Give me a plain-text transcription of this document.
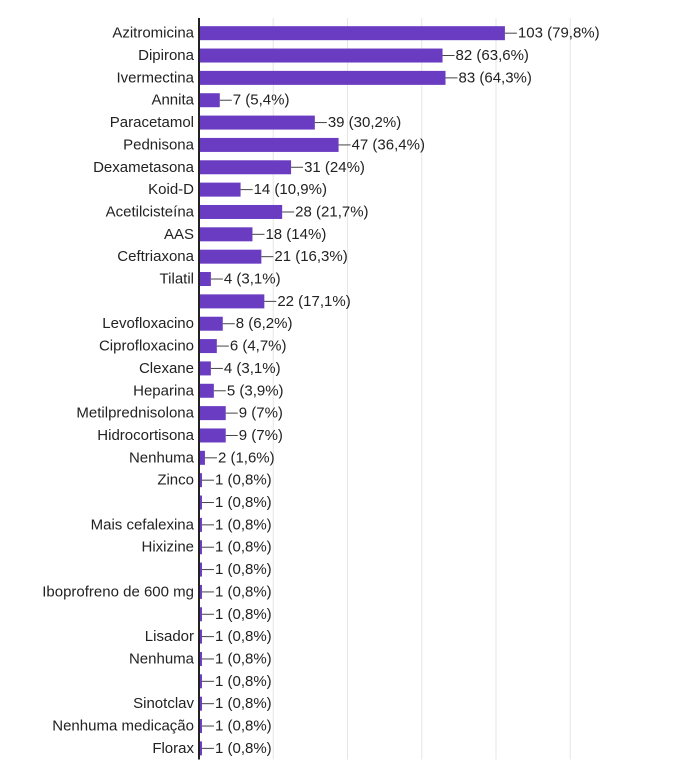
Azitromicina
Dipirona
Ivermectina
Annita
Paracetamol
Pednisona
Dexametasona
Koid-D
Acetilcisteína
AAS
Ceftriaxona
Tilatil
Levofloxacino
Ciprofloxacino
Clexane
Heparina
Metilprednisolona
Hidrocortisona
Nenhuma
Zinco
Mais cefalexina
Hixizine
Iboprofreno de 600 mg
Lisador
Nenhuma
Sinotclav
Nenhuma medicação
Florax
103 (79,8%)
82 (63,6%)
83 (64,3%)
7 (5,4%)
39 (30,2%)
47 (36,4%)
31 (24%)
14 (10,9%)
28 (21,7%)
18 (14%)
21 (16,3%)
4 (3,1%)
22 (17,1%)
8 (6,2%)
6 (4,7%)
4 (3,1%)
5 (3,9%)
9 (7%)
9 (7%)
2 (1,6%)
1 (0,8%)
1 (0,8%)
1 (0,8%)
1 (0,8%)
1 (0,8%)
1 (0,8%)
1 (0,8%)
1 (0,8%)
1 (0,8%)
1 (0,8%)
1 (0,8%)
1 (0,8%)
1 (0,8%)
